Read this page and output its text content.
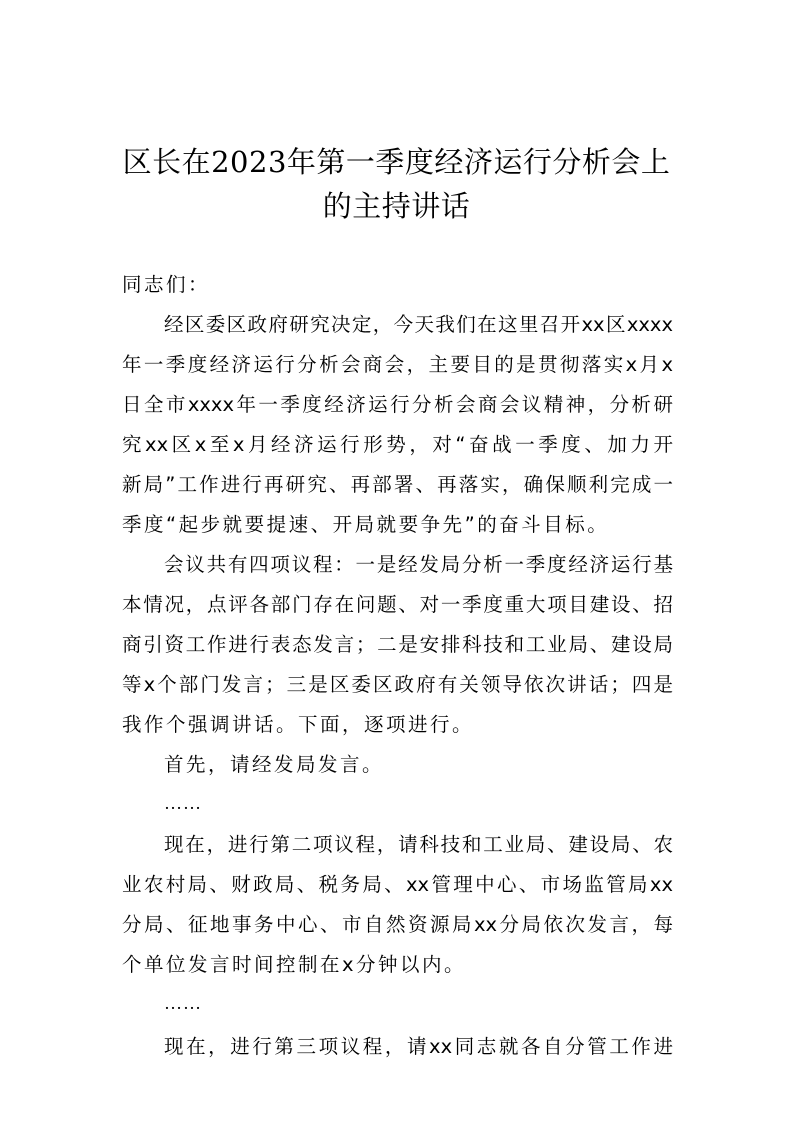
区长在2023年第一季度经济运行分析会上
的主持讲话
同志们：
经区委区政府研究决定，今天我们在这里召开xx区xxxx
年一季度经济运行分析会商会，主要目的是贯彻落实x月x
日全市xxxx年一季度经济运行分析会商会议精神，分析研
究xx区x至x月经济运行形势，对“奋战一季度、加力开
新局”工作进行再研究、再部署、再落实，确保顺利完成一
季度“起步就要提速、开局就要争先”的奋斗目标。
会议共有四项议程：一是经发局分析一季度经济运行基
本情况，点评各部门存在问题、对一季度重大项目建设、招
商引资工作进行表态发言；二是安排科技和工业局、建设局
等x个部门发言；三是区委区政府有关领导依次讲话；四是
我作个强调讲话。下面，逐项进行。
首先，请经发局发言。
……
现在，进行第二项议程，请科技和工业局、建设局、农
业农村局、财政局、税务局、xx管理中心、市场监管局xx
分局、征地事务中心、市自然资源局xx分局依次发言，每
个单位发言时间控制在x分钟以内。
……
现在，进行第三项议程，请xx同志就各自分管工作进
